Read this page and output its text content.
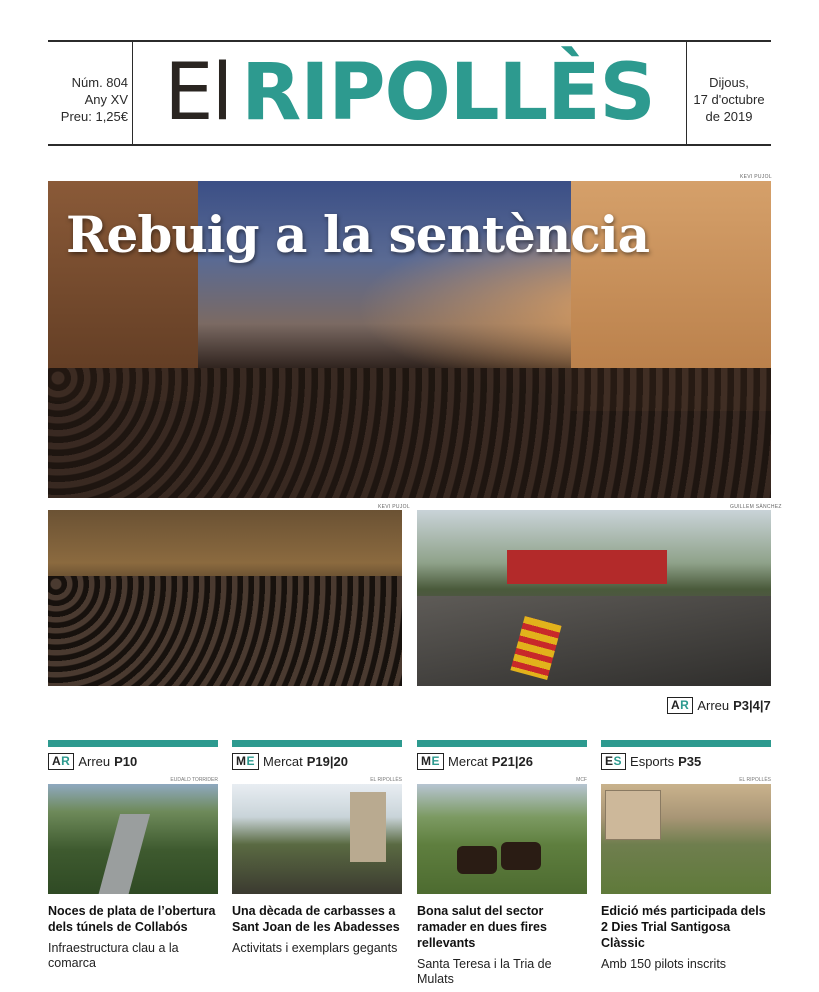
Núm. 804
Any XV
Preu: 1,25€ El RIPOLLÈS	Dijous,
17 d'octubre
de 2019
KEVI PUJOL
Rebuig a la sentència
KEVI PUJOL	GUILLEM SÀNCHEZ
AR Arreu P3|4|7
AR Arreu P10
EUDALD TORRIDER
Noces de plata de l’obertura dels túnels de Collabós

Infraestructura clau a la comarca

ME Mercat P19|20
EL RIPOLLÈS
Una dècada de carbasses a Sant Joan de les Abadesses

Activitats i exemplars gegants

ME Mercat P21|26
MCF
Bona salut del sector ramader en dues fires rellevants

Santa Teresa i la Tria de Mulats

ES Esports P35
EL RIPOLLÈS
Edició més participada dels 2 Dies Trial Santigosa Clàssic

Amb 150 pilots inscrits
